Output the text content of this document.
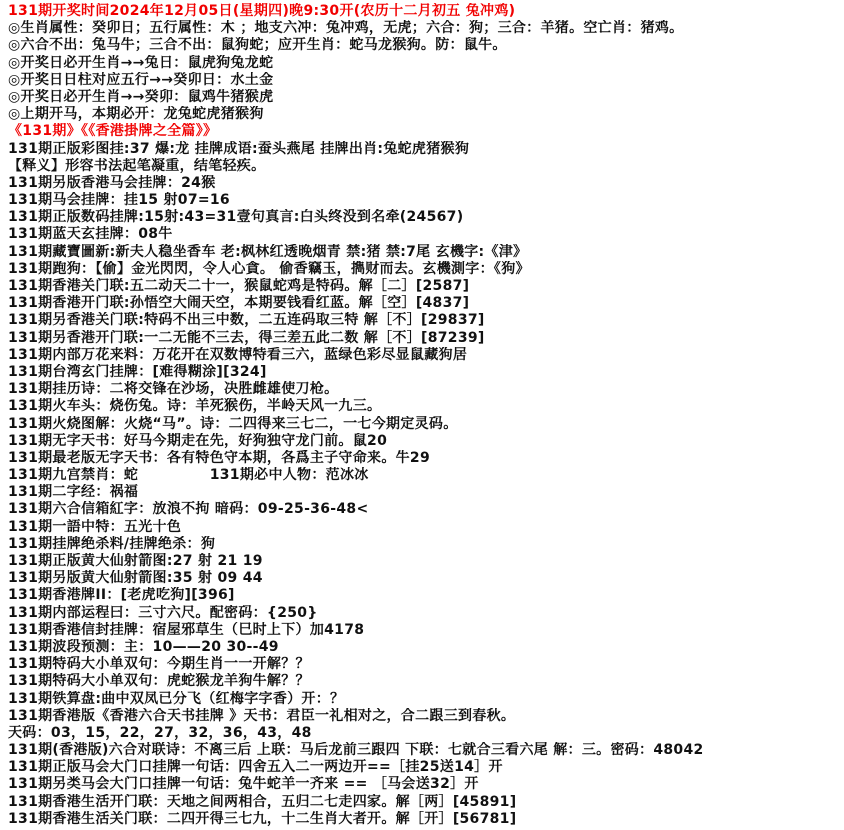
131期开奖时间2024年12月05日(星期四)晚9:30开(农历十二月初五 兔冲鸡)
◎生肖属性：癸卯日；五行属性：木 ；地支六冲：兔冲鸡，无虎；六合：狗；三合：羊猪。空亡肖：猪鸡。
◎六合不出：兔马牛；三合不出：鼠狗蛇；应开生肖：蛇马龙猴狗。防：鼠牛。
◎开奖日必开生肖→→兔日：鼠虎狗兔龙蛇
◎开奖日日柱对应五行→→癸卯日：水土金
◎开奖日必开生肖→→癸卯：鼠鸡牛猪猴虎
◎上期开马，本期必开：龙兔蛇虎猪猴狗
《131期》《《香港掛牌之全篇》》
131期正版彩图挂:37 爆:龙 挂牌成语:蚕头燕尾 挂牌出肖:兔蛇虎猪猴狗
【释义】形容书法起笔凝重，结笔轻疾。
131期另版香港马会挂牌：24猴
131期马会挂牌：挂15 射07=16
131期正版数码挂牌:15射:43=31壹句真言:白头终没到名牵(24567)
131期蓝天玄挂牌：08牛
131期藏寶圖新:新夫人稳坐香车 老:枫林红透晚烟青 禁:猪 禁:7尾 玄機字:《津》
131期跑狗：【偷】金光閃閃，令人心貪。 偷香竊玉，擕财而去。玄機測字：《狗》
131期香港关门联:五二动天二十一，猴鼠蛇鸡是特码。解［二］[2587]
131期香港开门联:孙悟空大闹天空，本期要钱看红蓝。解［空］[4837]
131期另香港关门联:特码不出三中数，二五连码取三特 解［不］[29837]
131期另香港开门联:一二无能不三去，得三差五此二数 解［不］[87239]
131期内部万花来料：万花开在双数博特看三六，蓝绿色彩尽显鼠藏狗居
131期台湾玄门挂牌：[难得糊涂][324]
131期挂历诗：二将交锋在沙场，决胜雌雄使刀枪。
131期火车头：烧伤兔。诗：羊死猴伤，半岭天风一九三。
131期火烧图解：火烧“马”。诗：二四得来三七二，一七今期定灵码。
131期无字天书：好马今期走在先，好狗独守龙门前。鼠20
131期最老版无字天书：各有特色守本期，各爲主子守命来。牛29
131期九宫禁肖：蛇　　　　　131期必中人物：范冰冰
131期二字经：祸福
131期六合信箱紅字：放浪不拘 暗码：09-25-36-48<
131期一語中特：五光十色
131期挂牌绝杀料/挂牌绝杀：狗
131期正版黄大仙射箭图:27 射 21 19
131期另版黄大仙射箭图:35 射 09 44
131期香港牌II：[老虎吃狗][396]
131期内部运程曰：三寸六尺。配密码：{250}
131期香港信封挂牌：宿屋邪草生（巳时上下）加4178
131期波段预测：主：10——20 30--49
131期特码大小单双句：今期生肖一一开解？？
131期特码大小单双句：虎蛇猴龙羊狗牛解？？
131期铁算盘:曲中双凤已分飞（红梅字字香）开：？
131期香港版《香港六合天书挂牌 》天书：君臣一礼相对之，合二跟三到春秋。
天码：03，15，22，27，32，36，43，48
131期(香港版)六合对联诗：不离三后 上联：马后龙前三跟四 下联：七就合三看六尾 解：三。密码：48042
131期正版马会大门口挂牌一句话：四舍五入二一两边开==［挂25送14］开
131期另类马会大门口挂牌一句话：兔牛蛇羊一齐来 == ［马会送32］开
131期香港生活开门联：天地之间两相合，五归二七走四家。解［两］[45891]
131期香港生活关门联：二四开得三七九，十二生肖大者开。解［开］[56781]
